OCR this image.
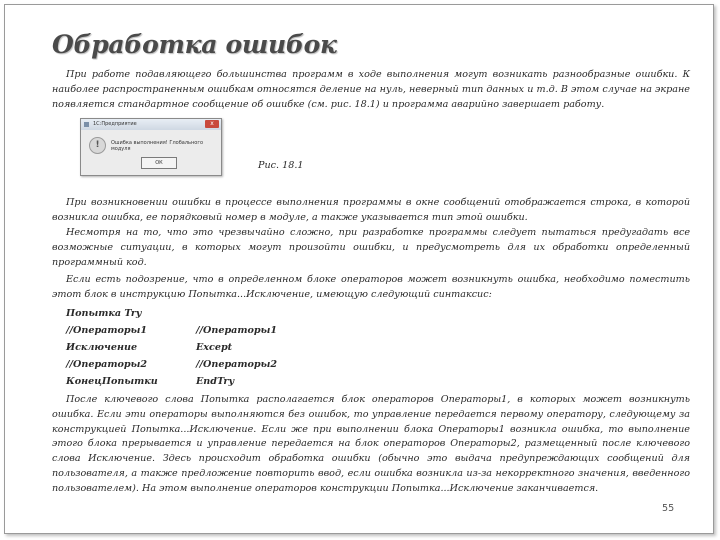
Обработка ошибок

При работе подавляющего большинства программ в ходе выполнения могут возникать разнообразные ошибки. К наиболее распространенным ошибкам относятся деление на нуль, неверный тип данных и т.д. В этом случае на экране появляется стандартное сообщение об ошибке (см. рис. 18.1) и программа аварийно завершает работу.

1С:Предприятие	x
!	Ошибка выполнения! Глобального модуля
ОК	Рис. 18.1

При возникновении ошибки в процессе выполнения программы в окне сообщений отображается строка, в которой возникла ошибка, ее порядковый номер в модуле, а также указывается тип этой ошибки.

Несмотря на то, что это чрезвычайно сложно, при разработке программы следует пытаться предугадать все возможные ситуации, в которых могут произойти ошибки, и предусмотреть для их обработки определенный программный код.

Если есть подозрение, что в определенном блоке операторов может возникнуть ошибка, необходимо поместить этот блок в инструкцию Попытка...Исключение, имеющую следующий синтаксис:

Попытка Try
//Операторы1	//Операторы1
Исключение	Except
//Операторы2	//Операторы2
КонецПопытки	EndTry

После ключевого слова Попытка располагается блок операторов Операторы1, в которых может возникнуть ошибка. Если эти операторы выполняются без ошибок, то управление передается первому оператору, следующему за конструкцией Попытка...Исключение. Если же при выполнении блока Операторы1 возникла ошибка, то выполнение этого блока прерывается и управление передается на блок операторов Операторы2, размещенный после ключевого слова Исключение. Здесь происходит обработка ошибки (обычно это выдача предупреждающих сообщений для пользователя, а также предложение повторить ввод, если ошибка возникла из-за некорректного значения, введенного пользователем). На этом выполнение операторов конструкции Попытка...Исключение заканчивается.

55
